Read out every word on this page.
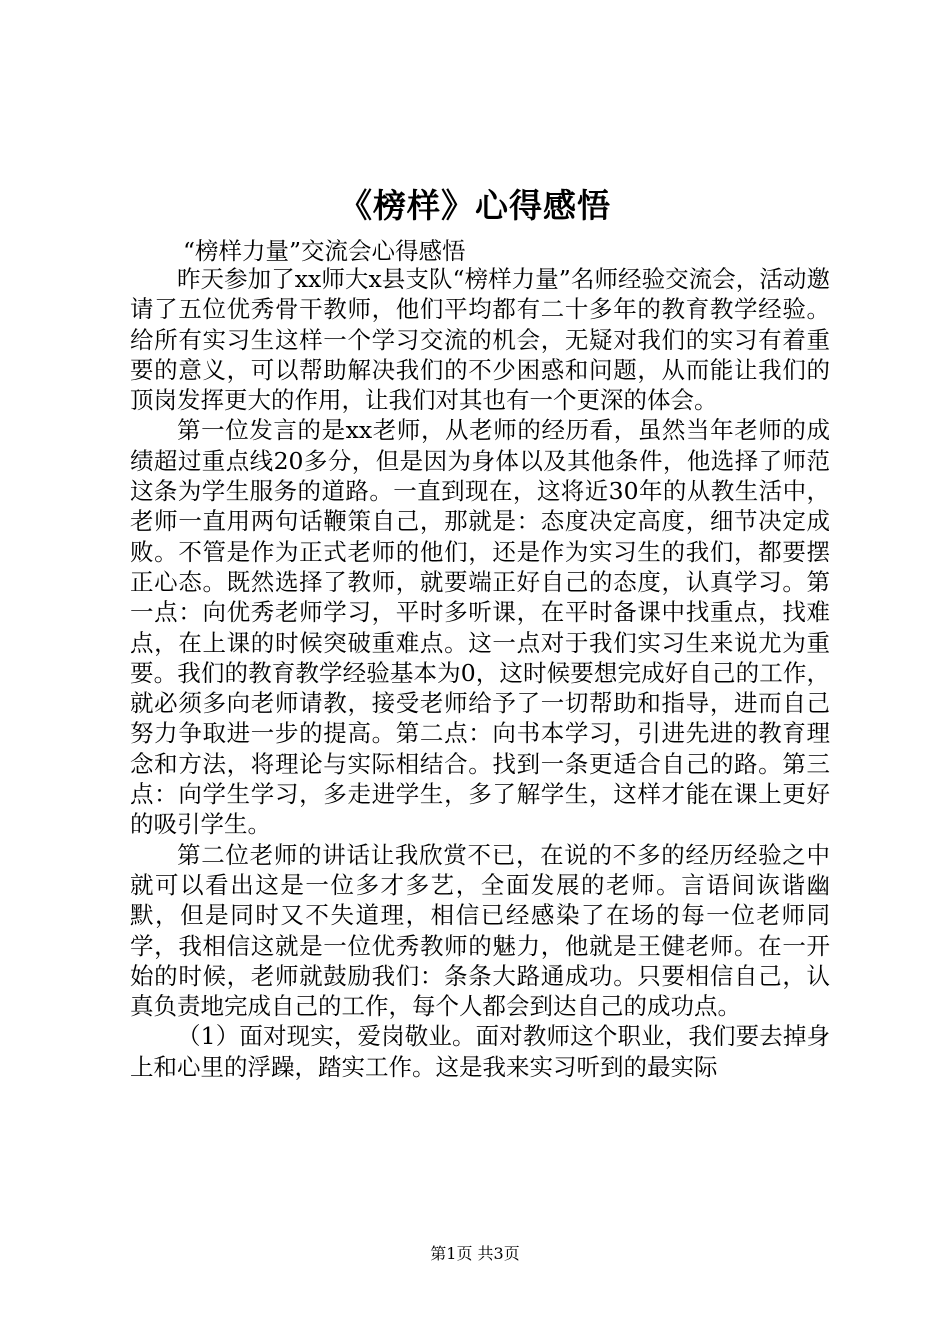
《榜样》心得感悟
“榜样力量”交流会心得感悟

昨天参加了xx师大x县支队“榜样力量”名师经验交流会，活动邀请了五位优秀骨干教师，他们平均都有二十多年的教育教学经验。给所有实习生这样一个学习交流的机会，无疑对我们的实习有着重要的意义，可以帮助解决我们的不少困惑和问题，从而能让我们的顶岗发挥更大的作用，让我们对其也有一个更深的体会。

第一位发言的是xx老师，从老师的经历看，虽然当年老师的成绩超过重点线20多分，但是因为身体以及其他条件，他选择了师范这条为学生服务的道路。一直到现在，这将近30年的从教生活中，老师一直用两句话鞭策自己，那就是：态度决定高度，细节决定成败。不管是作为正式老师的他们，还是作为实习生的我们，都要摆正心态。既然选择了教师，就要端正好自己的态度，认真学习。第一点：向优秀老师学习，平时多听课，在平时备课中找重点，找难点，在上课的时候突破重难点。这一点对于我们实习生来说尤为重要。我们的教育教学经验基本为0，这时候要想完成好自己的工作，就必须多向老师请教，接受老师给予了一切帮助和指导，进而自己努力争取进一步的提高。第二点：向书本学习，引进先进的教育理念和方法，将理论与实际相结合。找到一条更适合自己的路。第三点：向学生学习，多走进学生，多了解学生，这样才能在课上更好的吸引学生。

第二位老师的讲话让我欣赏不已，在说的不多的经历经验之中就可以看出这是一位多才多艺，全面发展的老师。言语间诙谐幽默，但是同时又不失道理，相信已经感染了在场的每一位老师同学，我相信这就是一位优秀教师的魅力，他就是王健老师。在一开始的时候，老师就鼓励我们：条条大路通成功。只要相信自己，认真负责地完成自己的工作，每个人都会到达自己的成功点。

（1）面对现实，爱岗敬业。面对教师这个职业，我们要去掉身上和心里的浮躁，踏实工作。这是我来实习听到的最实际

第1页 共3页
